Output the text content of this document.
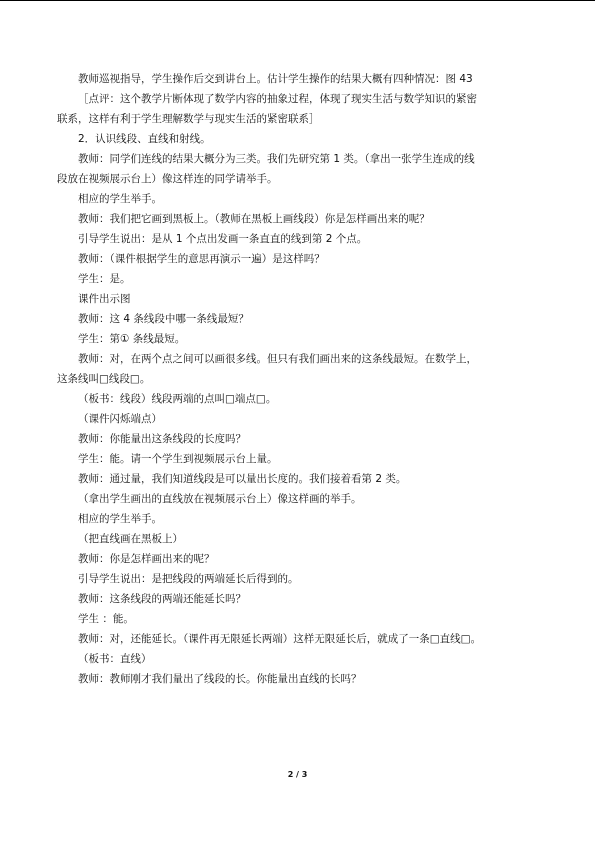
教师巡视指导，学生操作后交到讲台上。估计学生操作的结果大概有四种情况：图 43
［点评：这个教学片断体现了数学内容的抽象过程，体现了现实生活与数学知识的紧密
联系，这样有利于学生理解数学与现实生活的紧密联系］
2．认识线段、直线和射线。
教师：同学们连线的结果大概分为三类。我们先研究第 1 类。（拿出一张学生连成的线
段放在视频展示台上）像这样连的同学请举手。
相应的学生举手。
教师：我们把它画到黑板上。（教师在黑板上画线段）你是怎样画出来的呢？
引导学生说出：是从 1 个点出发画一条直直的线到第 2 个点。
教师：（课件根据学生的意思再演示一遍）是这样吗？
学生：是。
课件出示图
教师：这 4 条线段中哪一条线最短？
学生：第① 条线最短。
教师：对，在两个点之间可以画很多线。但只有我们画出来的这条线最短。在数学上，
这条线叫□线段□。
（板书：线段）线段两端的点叫□端点□。
（课件闪烁端点）
教师：你能量出这条线段的长度吗？
学生：能。请一个学生到视频展示台上量。
教师：通过量，我们知道线段是可以量出长度的。我们接着看第 2 类。
（拿出学生画出的直线放在视频展示台上）像这样画的举手。
相应的学生举手。
（把直线画在黑板上）
教师：你是怎样画出来的呢？
引导学生说出：是把线段的两端延长后得到的。
教师：这条线段的两端还能延长吗？
学生 ：能。
教师：对，还能延长。（课件再无限延长两端）这样无限延长后，就成了一条□直线□。
（板书：直线）
教师：教师刚才我们量出了线段的长。你能量出直线的长吗？
2 / 3
